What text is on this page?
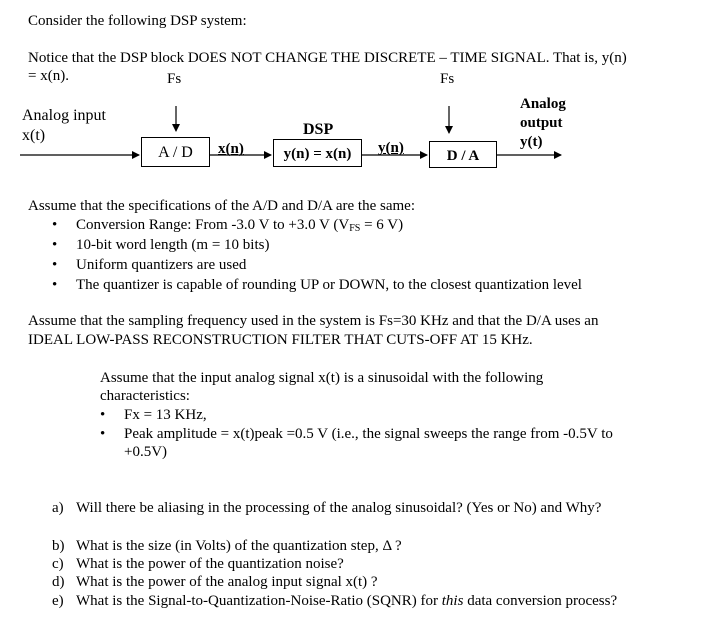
Consider the following DSP system:
Notice that the DSP block DOES NOT CHANGE THE DISCRETE – TIME SIGNAL. That is, y(n)
= x(n).	Fs	Fs
Analog input
x(t)
A / D	x(n)
DSP
y(n) = x(n)	y(n)	D / A
Analog
output
y(t)
Assume that the specifications of the A/D and D/A are the same:
• Conversion Range: From -3.0 V to +3.0 V (VFS = 6 V)
• 10-bit word length (m = 10 bits)
• Uniform quantizers are used
• The quantizer is capable of rounding UP or DOWN, to the closest quantization level
Assume that the sampling frequency used in the system is Fs=30 KHz and that the D/A uses an
IDEAL LOW-PASS RECONSTRUCTION FILTER THAT CUTS-OFF AT 15 KHz.
Assume that the input analog signal x(t) is a sinusoidal with the following
characteristics:
• Fx = 13 KHz,
• Peak amplitude = x(t)peak =0.5 V (i.e., the signal sweeps the range from -0.5V to
+0.5V)
a) Will there be aliasing in the processing of the analog sinusoidal? (Yes or No) and Why?
b) What is the size (in Volts) of the quantization step, Δ ?
c) What is the power of the quantization noise?
d) What is the power of the analog input signal x(t) ?
e) What is the Signal-to-Quantization-Noise-Ratio (SQNR) for this data conversion process?
